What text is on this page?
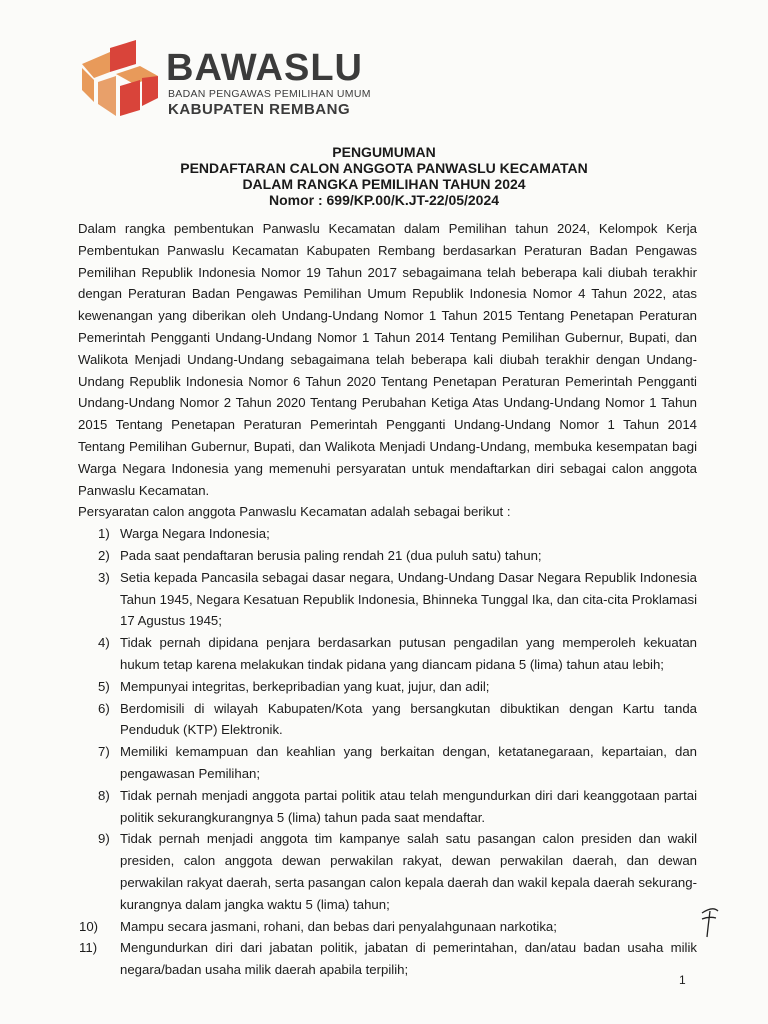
BAWASLU
BADAN PENGAWAS PEMILIHAN UMUM
KABUPATEN REMBANG
PENGUMUMAN
PENDAFTARAN CALON ANGGOTA PANWASLU KECAMATAN
DALAM RANGKA PEMILIHAN TAHUN 2024
Nomor : 699/KP.00/K.JT-22/05/2024

Dalam rangka pembentukan Panwaslu Kecamatan dalam Pemilihan tahun 2024, Kelompok Kerja Pembentukan Panwaslu Kecamatan Kabupaten Rembang berdasarkan Peraturan Badan Pengawas Pemilihan Republik Indonesia Nomor 19 Tahun 2017 sebagaimana telah beberapa kali diubah terakhir dengan Peraturan Badan Pengawas Pemilihan Umum Republik Indonesia Nomor 4 Tahun 2022, atas kewenangan yang diberikan oleh Undang-Undang Nomor 1 Tahun 2015 Tentang Penetapan Peraturan Pemerintah Pengganti Undang-Undang Nomor 1 Tahun 2014 Tentang Pemilihan Gubernur, Bupati, dan Walikota Menjadi Undang-Undang sebagaimana telah beberapa kali diubah terakhir dengan Undang-Undang Republik Indonesia Nomor 6 Tahun 2020 Tentang Penetapan Peraturan Pemerintah Pengganti Undang-Undang Nomor 2 Tahun 2020 Tentang Perubahan Ketiga Atas Undang-Undang Nomor 1 Tahun 2015 Tentang Penetapan Peraturan Pemerintah Pengganti Undang-Undang Nomor 1 Tahun 2014 Tentang Pemilihan Gubernur, Bupati, dan Walikota Menjadi Undang-Undang, membuka kesempatan bagi Warga Negara Indonesia yang memenuhi persyaratan untuk mendaftarkan diri sebagai calon anggota Panwaslu Kecamatan.

Persyaratan calon anggota Panwaslu Kecamatan adalah sebagai berikut :

1) Warga Negara Indonesia;
2) Pada saat pendaftaran berusia paling rendah 21 (dua puluh satu) tahun;
3) Setia kepada Pancasila sebagai dasar negara, Undang-Undang Dasar Negara Republik Indonesia Tahun 1945, Negara Kesatuan Republik Indonesia, Bhinneka Tunggal Ika, dan cita-cita Proklamasi 17 Agustus 1945;
4) Tidak pernah dipidana penjara berdasarkan putusan pengadilan yang memperoleh kekuatan hukum tetap karena melakukan tindak pidana yang diancam pidana 5 (lima) tahun atau lebih;
5) Mempunyai integritas, berkepribadian yang kuat, jujur, dan adil;
6) Berdomisili di wilayah Kabupaten/Kota yang bersangkutan dibuktikan dengan Kartu tanda Penduduk (KTP) Elektronik.
7) Memiliki kemampuan dan keahlian yang berkaitan dengan, ketatanegaraan, kepartaian, dan pengawasan Pemilihan;
8) Tidak pernah menjadi anggota partai politik atau telah mengundurkan diri dari keanggotaan partai politik sekurangkurangnya 5 (lima) tahun pada saat mendaftar.
9) Tidak pernah menjadi anggota tim kampanye salah satu pasangan calon presiden dan wakil presiden, calon anggota dewan perwakilan rakyat, dewan perwakilan daerah, dan dewan perwakilan rakyat daerah, serta pasangan calon kepala daerah dan wakil kepala daerah sekurang-kurangnya dalam jangka waktu 5 (lima) tahun;
10) Mampu secara jasmani, rohani, dan bebas dari penyalahgunaan narkotika;
11) Mengundurkan diri dari jabatan politik, jabatan di pemerintahan, dan/atau badan usaha milik negara/badan usaha milik daerah apabila terpilih;
1
